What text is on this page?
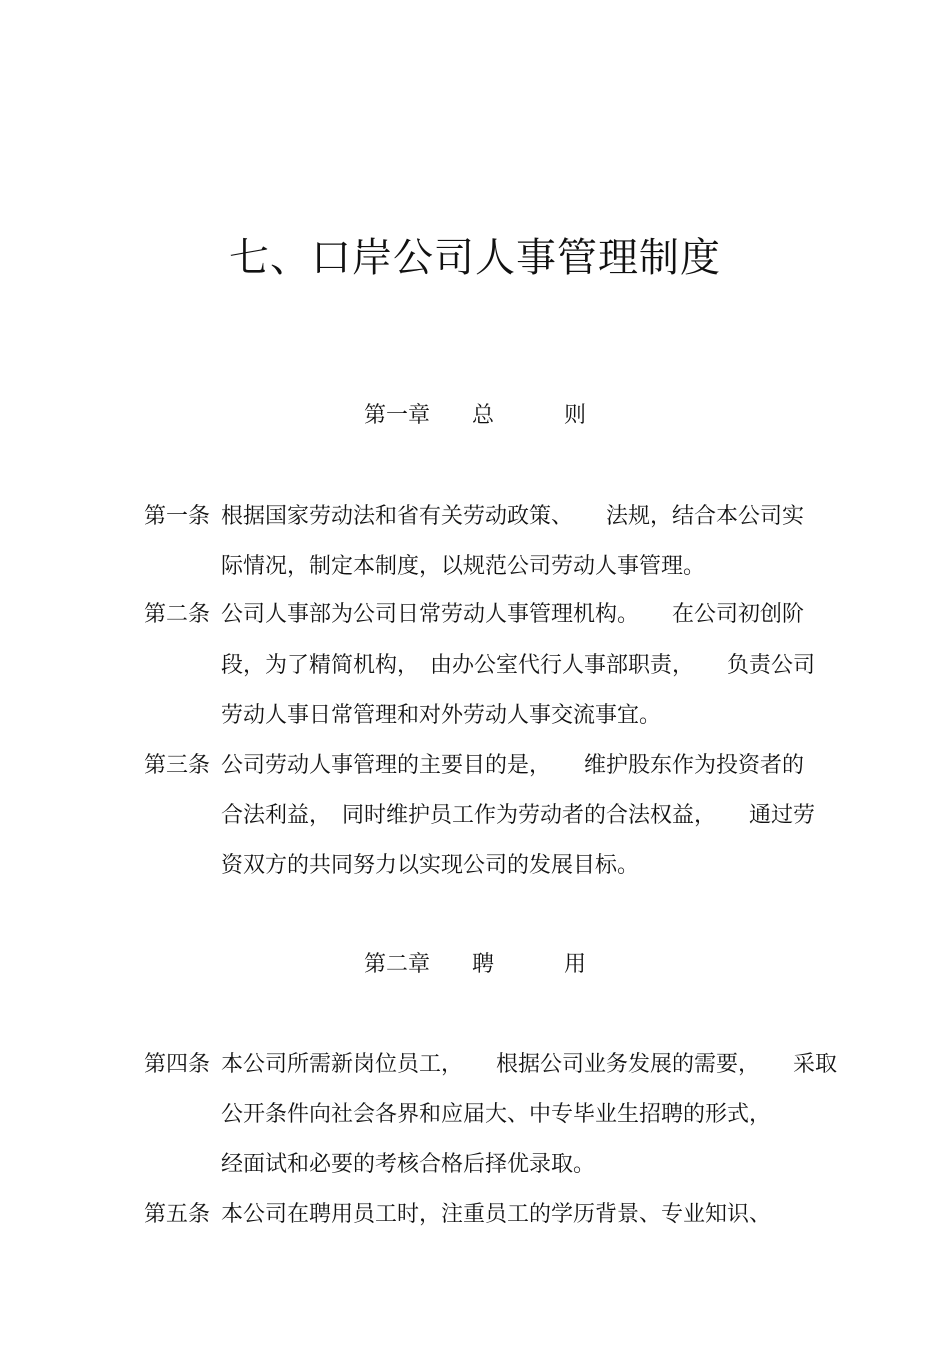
七、口岸公司人事管理制度
第一章 总	则
第一条 根据国家劳动法和省有关劳动政策、　　法规，结合本公司实
际情况，制定本制度，以规范公司劳动人事管理。
第二条 公司人事部为公司日常劳动人事管理机构。　　在公司初创阶
段，为了精简机构，　由办公室代行人事部职责，　　负责公司
劳动人事日常管理和对外劳动人事交流事宜。
第三条 公司劳动人事管理的主要目的是，　　维护股东作为投资者的
合法利益，　同时维护员工作为劳动者的合法权益，　　通过劳
资双方的共同努力以实现公司的发展目标。
第二章 聘	用
第四条 本公司所需新岗位员工，　　根据公司业务发展的需要，　　采取
公开条件向社会各界和应届大、中专毕业生招聘的形式，
经面试和必要的考核合格后择优录取。
第五条 本公司在聘用员工时，注重员工的学历背景、专业知识、
